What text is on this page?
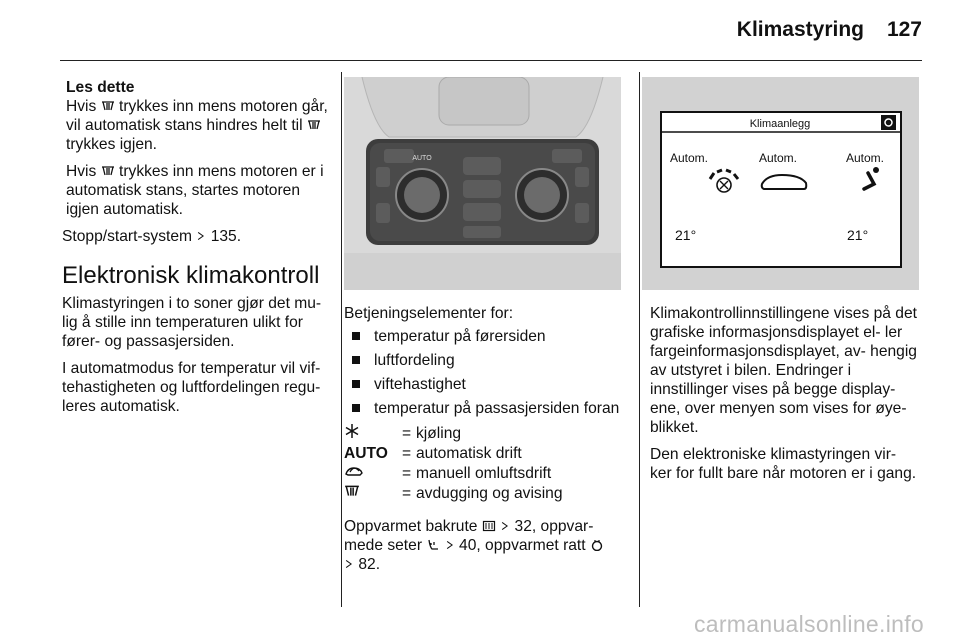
Klimastyring 127
Les dette

Hvis trykkes inn mens motoren går, vil automatisk stans hindres helt til  trykkes igjen.

Hvis trykkes inn mens motoren er i automatisk stans, startes motoren igjen automatisk.

Stopp/start-system 135.

Elektronisk klimakontroll

Klimastyringen i to soner gjør det mu- lig å stille inn temperaturen ulikt for fører- og passasjersiden.

I automatmodus for temperatur vil vif- tehastigheten og luftfordelingen regu- leres automatisk.

AUTO
Betjeningselementer for:
temperatur på førersiden
luftfordeling
viftehastighet
temperatur på passasjersiden foran
= kjøling
AUTO = automatisk drift
= manuell omluftsdrift
= avdugging og avising

Oppvarmet bakrute 32, oppvar- mede seter 40, oppvarmet ratt
82.

Klimaanlegg
Autom.	Autom.	Autom.
21°	21°

Klimakontrollinnstillingene vises på det grafiske informasjonsdisplayet el- ler fargeinformasjonsdisplayet, av- hengig av utstyret i bilen. Endringer i innstillinger vises på begge display- ene, over menyen som vises for øye- blikket.

Den elektroniske klimastyringen vir- ker for fullt bare når motoren er i gang.

carmanualsonline.info
